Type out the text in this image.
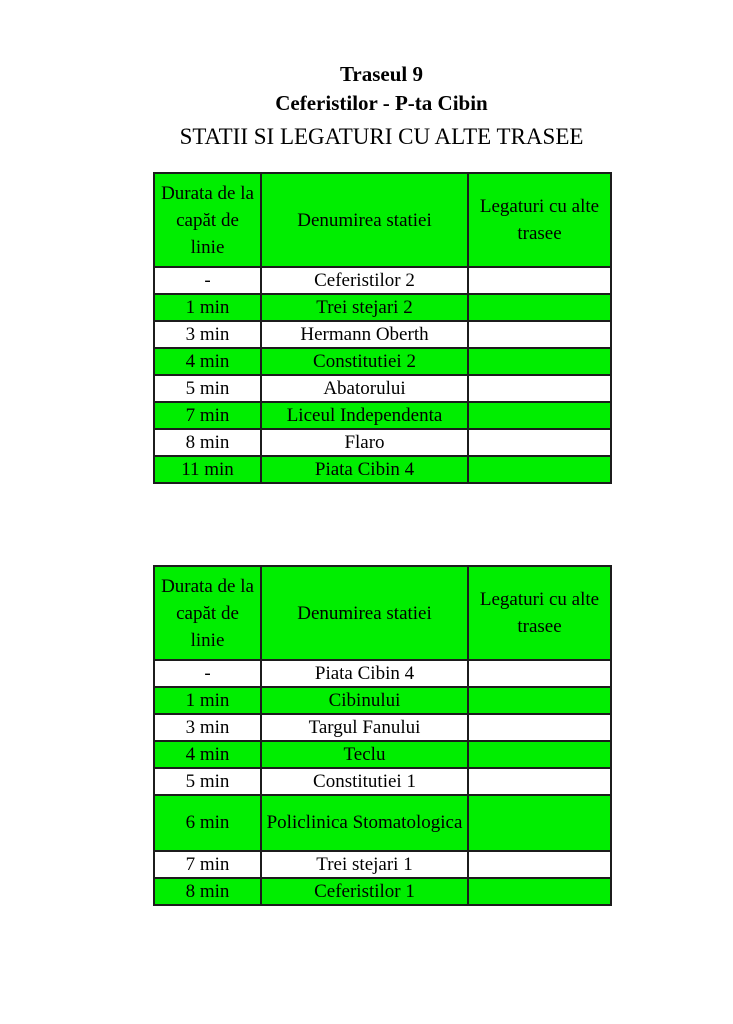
Traseul 9
Ceferistilor - P-ta Cibin
STATII SI LEGATURI CU ALTE TRASEE
Durata de la capăt de linie	Denumirea statiei	Legaturi cu alte trasee
-	Ceferistilor 2	
1 min	Trei stejari 2	
3 min	Hermann Oberth	
4 min	Constitutiei 2	
5 min	Abatorului	
7 min	Liceul Independenta	
8 min	Flaro	
11 min	Piata Cibin 4	
Durata de la capăt de linie	Denumirea statiei	Legaturi cu alte trasee
-	Piata Cibin 4	
1 min	Cibinului	
3 min	Targul Fanului	
4 min	Teclu	
5 min	Constitutiei 1	
6 min	Policlinica Stomatologica	
7 min	Trei stejari 1	
8 min	Ceferistilor 1	
